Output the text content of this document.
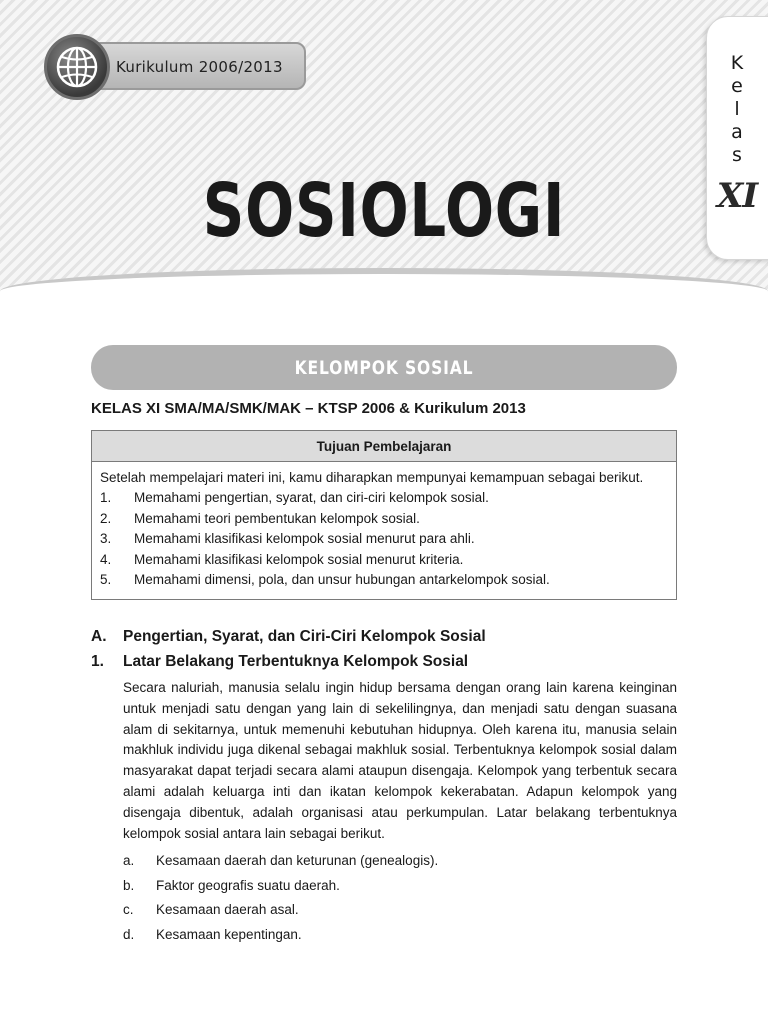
Kurikulum 2006/2013
SOSIOLOGI
K
e
l
a
s
XI
KELOMPOK SOSIAL
KELAS XI SMA/MA/SMK/MAK – KTSP 2006 & Kurikulum 2013
Tujuan Pembelajaran
Setelah mempelajari materi ini, kamu diharapkan mempunyai kemampuan sebagai berikut.
1.	Memahami pengertian, syarat, dan ciri-ciri kelompok sosial.
2.	Memahami teori pembentukan kelompok sosial.
3.	Memahami klasifikasi kelompok sosial menurut para ahli.
4.	Memahami klasifikasi kelompok sosial menurut kriteria.
5.	Memahami dimensi, pola, dan unsur hubungan antarkelompok sosial.
A.	Pengertian, Syarat, dan Ciri-Ciri Kelompok Sosial
1.	Latar Belakang Terbentuknya Kelompok Sosial
Secara naluriah, manusia selalu ingin hidup bersama dengan orang lain karena keinginan untuk menjadi satu dengan yang lain di sekelilingnya, dan menjadi satu dengan suasana alam di sekitarnya, untuk memenuhi kebutuhan hidupnya. Oleh karena itu, manusia selain makhluk individu juga dikenal sebagai makhluk sosial. Terbentuknya kelompok sosial dalam masyarakat dapat terjadi secara alami ataupun disengaja. Kelompok yang terbentuk secara alami adalah keluarga inti dan ikatan kelompok kekerabatan. Adapun kelompok yang disengaja dibentuk, adalah organisasi atau perkumpulan. Latar belakang terbentuknya kelompok sosial antara lain sebagai berikut.
a.	Kesamaan daerah dan keturunan (genealogis).
b.	Faktor geografis suatu daerah.
c.	Kesamaan daerah asal.
d.	Kesamaan kepentingan.
